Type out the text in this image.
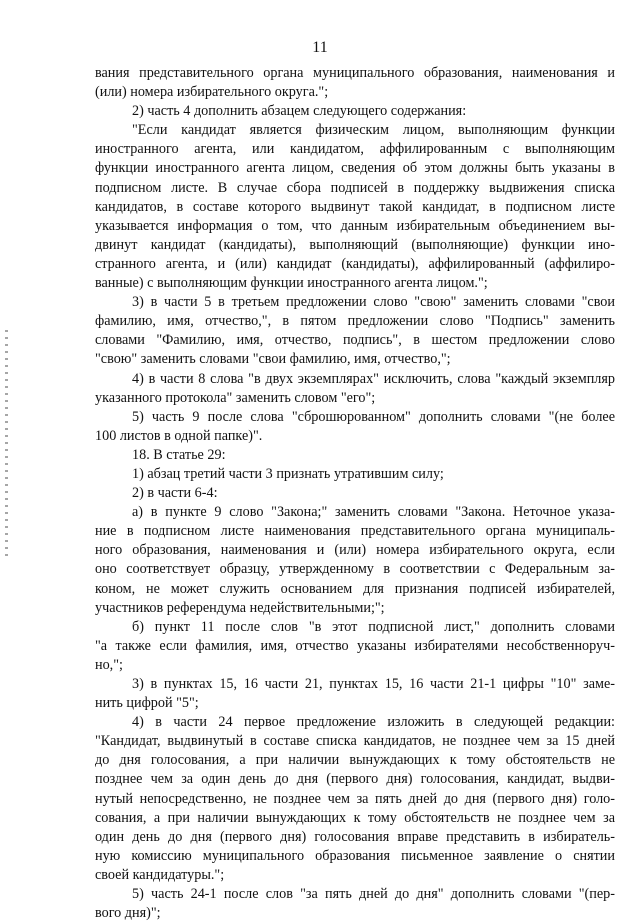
11
вания представительного органа муниципального образования, наименования и
(или) номера избирательного округа.";
2) часть 4 дополнить абзацем следующего содержания:
"Если кандидат является физическим лицом, выполняющим функции
иностранного агента, или кандидатом, аффилированным с выполняющим
функции иностранного агента лицом, сведения об этом должны быть указаны в
подписном листе. В случае сбора подписей в поддержку выдвижения списка
кандидатов, в составе которого выдвинут такой кандидат, в подписном листе
указывается информация о том, что данным избирательным объединением вы-
двинут кандидат (кандидаты), выполняющий (выполняющие) функции ино-
странного агента, и (или) кандидат (кандидаты), аффилированный (аффилиро-
ванные) с выполняющим функции иностранного агента лицом.";
3) в части 5 в третьем предложении слово "свою" заменить словами "свои
фамилию, имя, отчество,", в пятом предложении слово "Подпись" заменить
словами "Фамилию, имя, отчество, подпись", в шестом предложении слово
"свою" заменить словами "свои фамилию, имя, отчество,";
4) в части 8 слова "в двух экземплярах" исключить, слова "каждый экземпляр
указанного протокола" заменить словом "его";
5) часть 9 после слова "сброшюрованном" дополнить словами "(не более
100 листов в одной папке)".
18. В статье 29:
1) абзац третий части 3 признать утратившим силу;
2) в части 6-4:
а) в пункте 9 слово "Закона;" заменить словами "Закона. Неточное указа-
ние в подписном листе наименования представительного органа муниципаль-
ного образования, наименования и (или) номера избирательного округа, если
оно соответствует образцу, утвержденному в соответствии с Федеральным за-
коном, не может служить основанием для признания подписей избирателей,
участников референдума недействительными;";
б) пункт 11 после слов "в этот подписной лист," дополнить словами
"а также если фамилия, имя, отчество указаны избирателями несобственноруч-
но,";
3) в пунктах 15, 16 части 21, пунктах 15, 16 части 21-1 цифры "10" заме-
нить цифрой "5";
4) в части 24 первое предложение изложить в следующей редакции:
"Кандидат, выдвинутый в составе списка кандидатов, не позднее чем за 15 дней
до дня голосования, а при наличии вынуждающих к тому обстоятельств не
позднее чем за один день до дня (первого дня) голосования, кандидат, выдви-
нутый непосредственно, не позднее чем за пять дней до дня (первого дня) голо-
сования, а при наличии вынуждающих к тому обстоятельств не позднее чем за
один день до дня (первого дня) голосования вправе представить в избиратель-
ную комиссию муниципального образования письменное заявление о снятии
своей кандидатуры.";
5) часть 24-1 после слов "за пять дней до дня" дополнить словами "(пер-
вого дня)";
